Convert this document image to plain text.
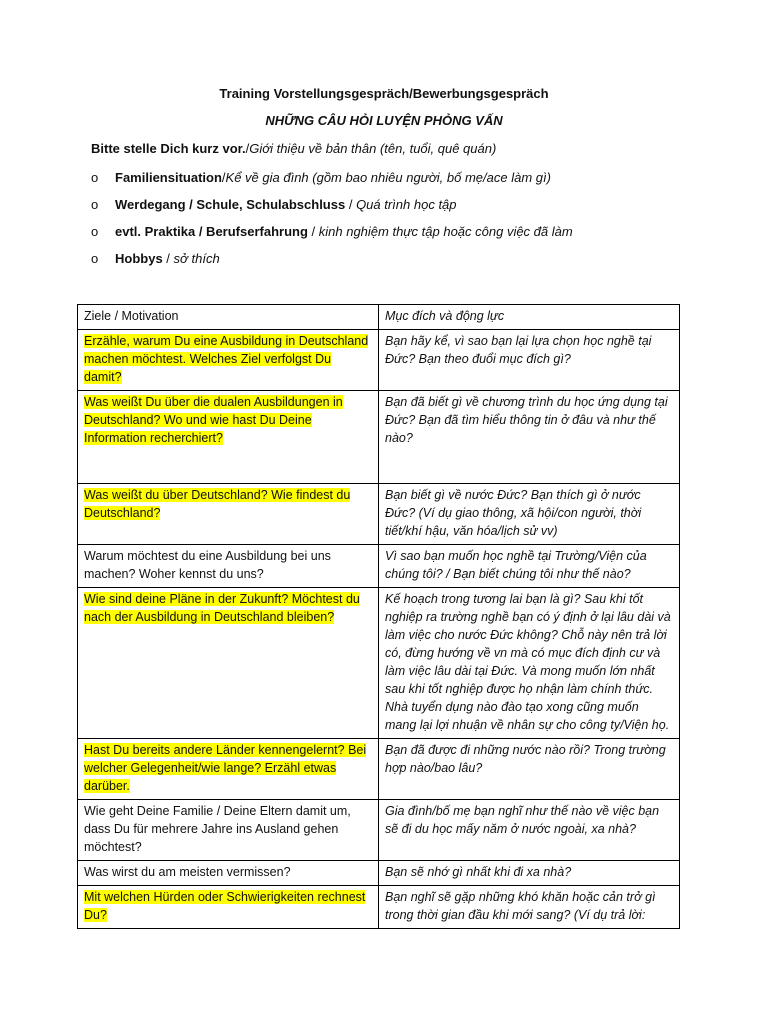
Training Vorstellungsgespräch/Bewerbungsgespräch
NHỮNG CÂU HỎI LUYỆN PHỎNG VẤN
Bitte stelle Dich kurz vor./Giới thiệu về bản thân (tên, tuổi, quê quán)
o Familiensituation/Kể về gia đình (gồm bao nhiêu người, bố mẹ/ace làm gì)
o Werdegang / Schule, Schulabschluss / Quá trình học tập
o evtl. Praktika / Berufserfahrung / kinh nghiệm thực tập hoặc công việc đã làm
o Hobbys / sở thích
Ziele / Motivation	Mục đích và động lực
Erzähle, warum Du eine Ausbildung in Deutschland machen möchtest. Welches Ziel verfolgst Du damit?	Bạn hãy kể, vì sao bạn lại lựa chọn học nghề tại Đức? Bạn theo đuổi mục đích gì?
Was weißt Du über die dualen Ausbildungen in Deutschland? Wo und wie hast Du Deine Information recherchiert?	Bạn đã biết gì về chương trình du học ứng dụng tại Đức? Bạn đã tìm hiểu thông tin ở đâu và như thế nào?
Was weißt du über Deutschland? Wie findest du Deutschland?	Bạn biết gì về nước Đức? Bạn thích gì ở nước Đức? (Ví dụ giao thông, xã hội/con người, thời tiết/khí hậu, văn hóa/lịch sử vv)
Warum möchtest du eine Ausbildung bei uns machen? Woher kennst du uns?	Vì sao bạn muốn học nghề tại Trường/Viện của chúng tôi? / Bạn biết chúng tôi như thế nào?
Wie sind deine Pläne in der Zukunft? Möchtest du nach der Ausbildung in Deutschland bleiben?	Kế hoạch trong tương lai bạn là gì? Sau khi tốt nghiệp ra trường nghề bạn có ý định ở lại lâu dài và làm việc cho nước Đức không? Chỗ này nên trả lời có, đừng hướng về vn mà có mục đích định cư và làm việc lâu dài tại Đức. Và mong muốn lớn nhất sau khi tốt nghiệp được họ nhận làm chính thức. Nhà tuyển dụng nào đào tạo xong cũng muốn mang lại lợi nhuận về nhân sự cho công ty/Viện họ.
Hast Du bereits andere Länder kennengelernt? Bei welcher Gelegenheit/wie lange? Erzähl etwas darüber.	Bạn đã được đi những nước nào rồi? Trong trường hợp nào/bao lâu?
Wie geht Deine Familie / Deine Eltern damit um, dass Du für mehrere Jahre ins Ausland gehen möchtest?	Gia đình/bố mẹ bạn nghĩ như thế nào về việc bạn sẽ đi du học mấy năm ở nước ngoài, xa nhà?
Was wirst du am meisten vermissen?	Bạn sẽ nhớ gì nhất khi đi xa nhà?
Mit welchen Hürden oder Schwierigkeiten rechnest Du?	Bạn nghĩ sẽ gặp những khó khăn hoặc cản trở gì trong thời gian đầu khi mới sang? (Ví dụ trả lời:
